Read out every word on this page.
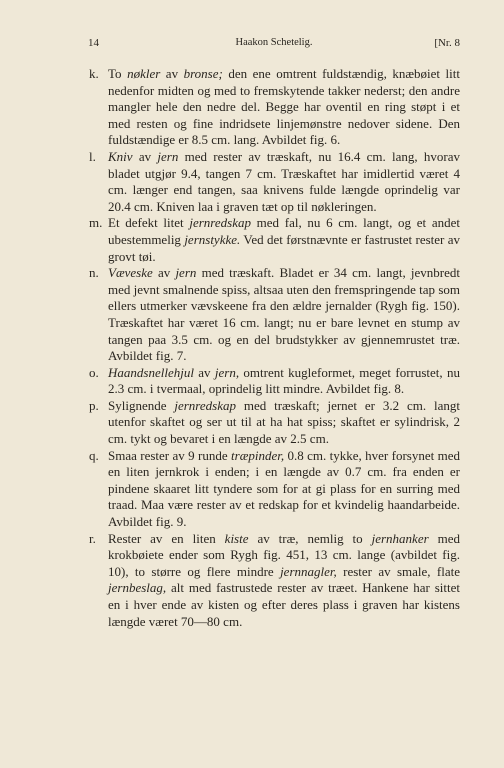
14	Haakon Schetelig.	[Nr. 8
k. To nøkler av bronse; den ene omtrent fuldstændig, knæbøiet litt nedenfor midten og med to fremskytende takker nederst; den andre mangler hele den nedre del. Begge har oventil en ring støpt i et med resten og fine indridsete linjemønstre nedover sidene. Den fuldstændige er 8.5 cm. lang. Avbildet fig. 6.
l. Kniv av jern med rester av træskaft, nu 16.4 cm. lang, hvorav bladet utgjør 9.4, tangen 7 cm. Træskaftet har imidlertid været 4 cm. længer end tangen, saa knivens fulde længde oprindelig var 20.4 cm. Kniven laa i graven tæt op til nøkleringen.
m. Et defekt litet jernredskap med fal, nu 6 cm. langt, og et andet ubestemmelig jernstykke. Ved det førstnævnte er fastrustet rester av grovt tøi.
n. Væveske av jern med træskaft. Bladet er 34 cm. langt, jevnbredt med jevnt smalnende spiss, altsaa uten den fremspringende tap som ellers utmerker vævskeene fra den ældre jernalder (Rygh fig. 150). Træskaftet har været 16 cm. langt; nu er bare levnet en stump av tangen paa 3.5 cm. og en del brudstykker av gjennemrustet træ. Avbildet fig. 7.
o. Haandsnellehjul av jern, omtrent kugleformet, meget forrustet, nu 2.3 cm. i tvermaal, oprindelig litt mindre. Avbildet fig. 8.
p. Sylignende jernredskap med træskaft; jernet er 3.2 cm. langt utenfor skaftet og ser ut til at ha hat spiss; skaftet er sylindrisk, 2 cm. tykt og bevaret i en længde av 2.5 cm.
q. Smaa rester av 9 runde træpinder, 0.8 cm. tykke, hver forsynet med en liten jernkrok i enden; i en længde av 0.7 cm. fra enden er pindene skaaret litt tyndere som for at gi plass for en surring med traad. Maa være rester av et redskap for et kvindelig haandarbeide. Avbildet fig. 9.
r. Rester av en liten kiste av træ, nemlig to jernhanker med krokbøiete ender som Rygh fig. 451, 13 cm. lange (avbildet fig. 10), to større og flere mindre jernnagler, rester av smale, flate jernbeslag, alt med fastrustede rester av træet. Hankene har sittet en i hver ende av kisten og efter deres plass i graven har kistens længde været 70—80 cm.
